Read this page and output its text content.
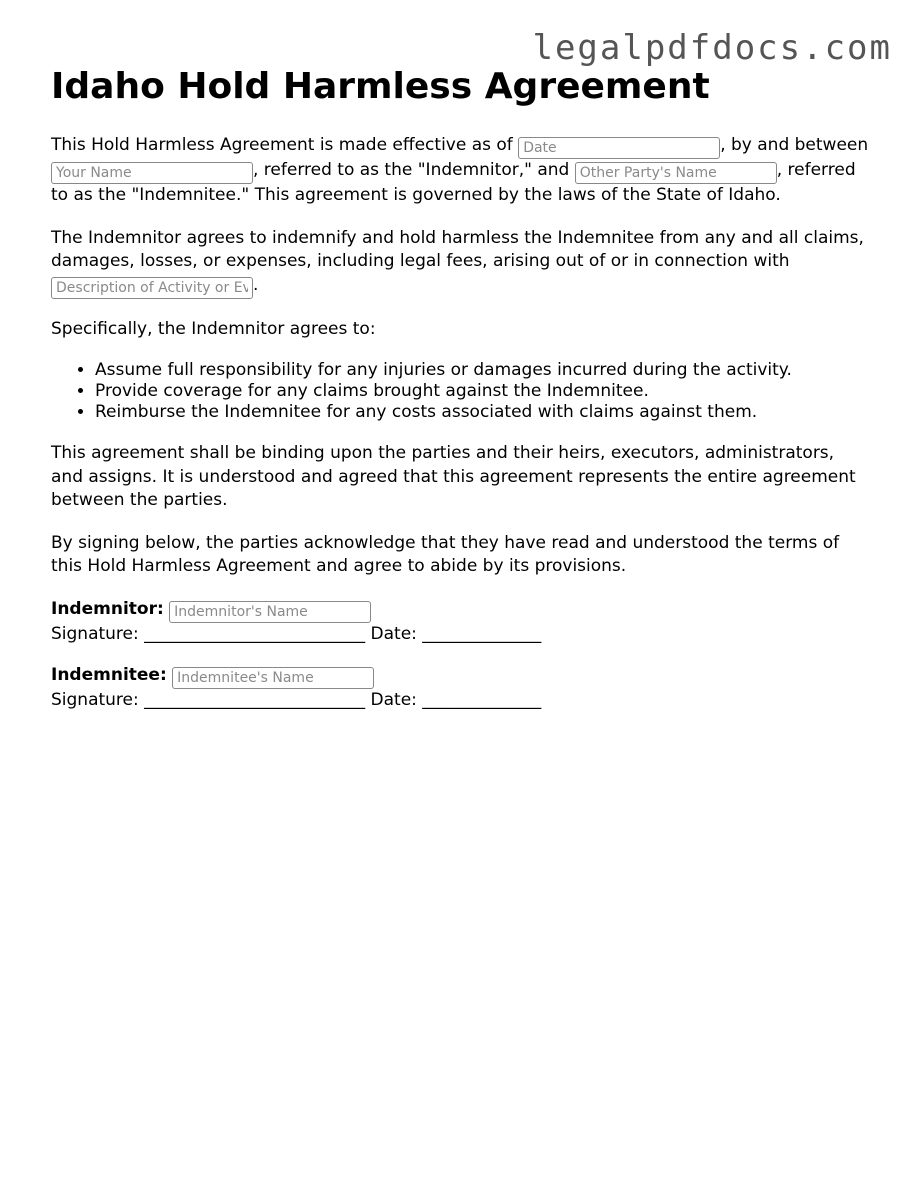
legalpdfdocs.com
Idaho Hold Harmless Agreement

This Hold Harmless Agreement is made effective as of Date	, by and between Your Name, referred to as the "Indemnitor," and Other Party's Name	, referred to as the "Indemnitee." This agreement is governed by the laws of the State of Idaho.

The Indemnitor agrees to indemnify and hold harmless the Indemnitee from any and all claims, damages, losses, or expenses, including legal fees, arising out of or in connection with Description of Activity or Event.

Specifically, the Indemnitor agrees to:

• Assume full responsibility for any injuries or damages incurred during the activity.
• Provide coverage for any claims brought against the Indemnitee.
• Reimburse the Indemnitee for any costs associated with claims against them.

This agreement shall be binding upon the parties and their heirs, executors, administrators, and assigns. It is understood and agreed that this agreement represents the entire agreement between the parties.

By signing below, the parties acknowledge that they have read and understood the terms of this Hold Harmless Agreement and agree to abide by its provisions.

Indemnitor: Indemnitor's Name
Signature: __________________________ Date: ______________
Indemnitee: Indemnitee's Name
Signature: __________________________ Date: ______________
